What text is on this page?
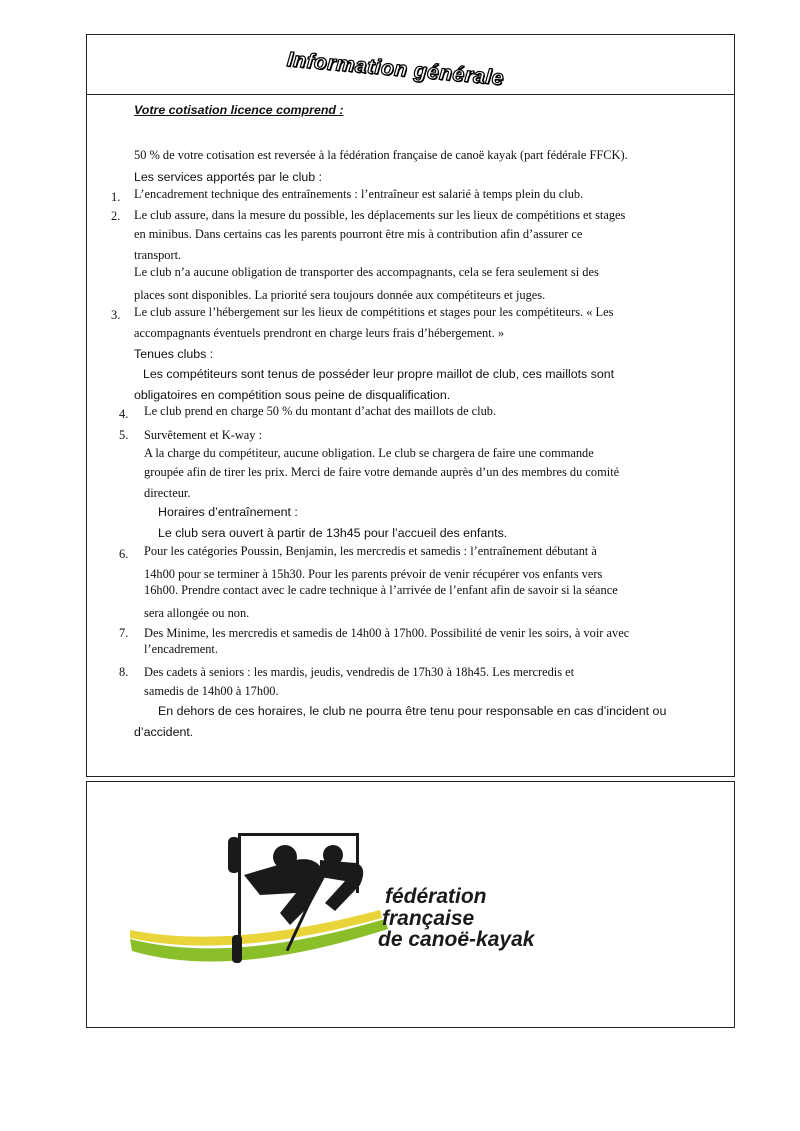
Information générale
Votre cotisation licence comprend :
50 % de votre cotisation est reversée à la fédération française de canoë kayak (part fédérale FFCK).
Les services apportés par le club :
1. L’encadrement technique des entraînements : l’entraîneur est salarié à temps plein du club.
2. Le club assure, dans la mesure du possible, les déplacements sur les lieux de compétitions et stages
en minibus. Dans certains cas les parents pourront être mis à contribution afin d’assurer ce
transport.
Le club n’a aucune obligation de transporter des accompagnants, cela se fera seulement si des
places sont disponibles. La priorité sera toujours donnée aux compétiteurs et juges.
3. Le club assure l’hébergement sur les lieux de compétitions et stages pour les compétiteurs. « Les
accompagnants éventuels prendront en charge leurs frais d’hébergement. »
Tenues clubs :
Les compétiteurs sont tenus de posséder leur propre maillot de club, ces maillots sont
obligatoires en compétition sous peine de disqualification.
4. Le club prend en charge 50 % du montant d’achat des maillots de club.
5. Survêtement et K-way :
A la charge du compétiteur, aucune obligation. Le club se chargera de faire une commande
groupée afin de tirer les prix. Merci de faire votre demande auprès d’un des membres du comité
directeur.
Horaires d’entraînement :
Le club sera ouvert à partir de 13h45 pour l’accueil des enfants.
6. Pour les catégories Poussin, Benjamin, les mercredis et samedis : l’entraînement débutant à
14h00 pour se terminer à 15h30. Pour les parents prévoir de venir récupérer vos enfants vers
16h00. Prendre contact avec le cadre technique à l’arrivée de l’enfant afin de savoir si la séance
sera allongée ou non.
7. Des Minime, les mercredis et samedis de 14h00 à 17h00. Possibilité de venir les soirs, à voir avec
l’encadrement.
8. Des cadets à seniors : les mardis, jeudis, vendredis de 17h30 à 18h45. Les mercredis et
samedis de 14h00 à 17h00.
En dehors de ces horaires, le club ne pourra être tenu pour responsable en cas d’incident ou
d’accident.
fédération
française
de canoë-kayak
